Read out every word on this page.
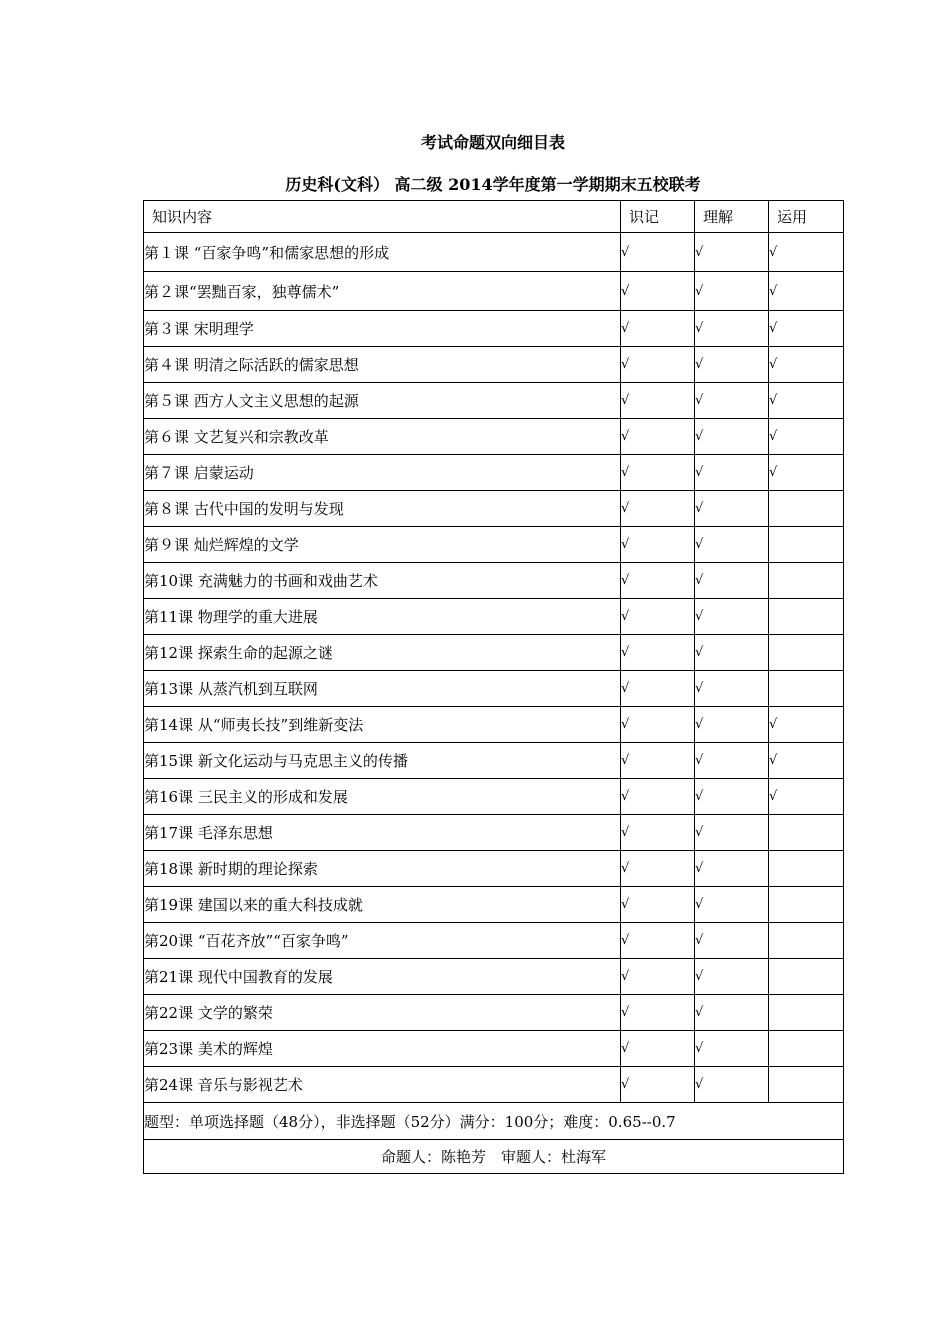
考试命题双向细目表
历史科(文科） 高二级 2014学年度第一学期期末五校联考
知识内容	识记	理解	运用
第１课 “百家争鸣”和儒家思想的形成	√	√	√
第２课“罢黜百家，独尊儒术”	√	√	√
第３课 宋明理学	√	√	√
第４课 明清之际活跃的儒家思想	√	√	√
第５课 西方人文主义思想的起源	√	√	√
第６课 文艺复兴和宗教改革	√	√	√
第７课 启蒙运动	√	√	√
第８课 古代中国的发明与发现	√	√	
第９课 灿烂辉煌的文学	√	√	
第10课 充满魅力的书画和戏曲艺术	√	√	
第11课 物理学的重大进展	√	√	
第12课 探索生命的起源之谜	√	√	
第13课 从蒸汽机到互联网	√	√	
第14课 从“师夷长技”到维新变法	√	√	√
第15课 新文化运动与马克思主义的传播	√	√	√
第16课 三民主义的形成和发展	√	√	√
第17课 毛泽东思想	√	√	
第18课 新时期的理论探索	√	√	
第19课 建国以来的重大科技成就	√	√	
第20课 “百花齐放”“百家争鸣”	√	√	
第21课 现代中国教育的发展	√	√	
第22课 文学的繁荣	√	√	
第23课 美术的辉煌	√	√	
第24课 音乐与影视艺术	√	√	
题型：单项选择题（48分），非选择题（52分）满分：100分；难度：0.65--0.7			
命题人：陈艳芳　审题人：杜海军			
